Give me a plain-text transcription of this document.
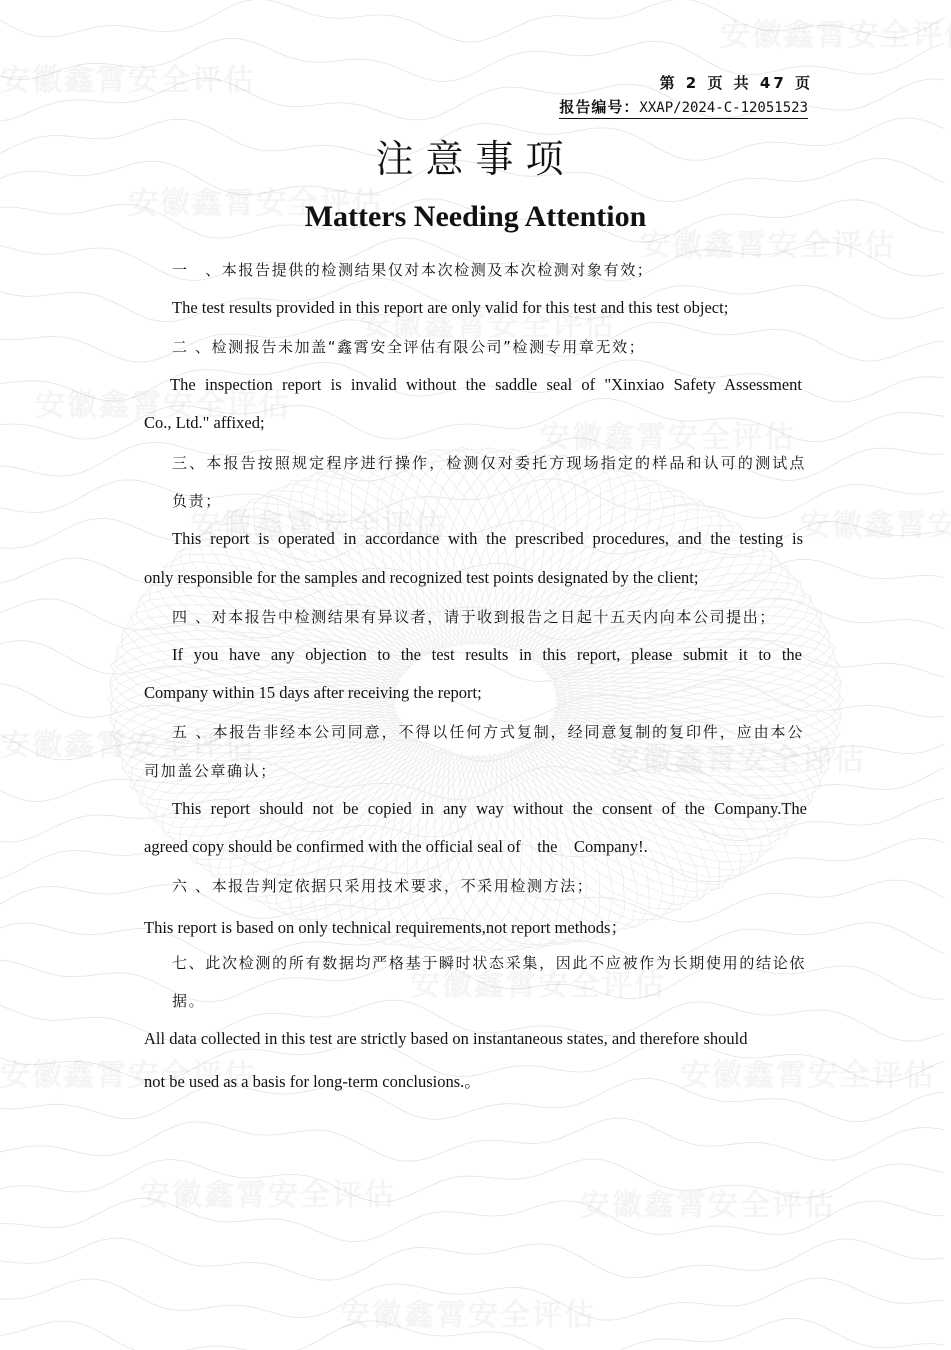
第 2 页 共 47 页
报告编号：XXAP/2024-C-12051523
注意事项
Matters Needing Attention
一　、本报告提供的检测结果仅对本次检测及本次检测对象有效；
The test results provided in this report are only valid for this test and this test object;
二 、检测报告未加盖“鑫霄安全评估有限公司”检测专用章无效；
The inspection report is invalid without the saddle seal of "Xinxiao Safety Assessment
Co., Ltd." affixed;
三、本报告按照规定程序进行操作，检测仅对委托方现场指定的样品和认可的测试点
负责；
This report is operated in accordance with the prescribed procedures, and the testing is
only responsible for the samples and recognized test points designated by the client;
四 、对本报告中检测结果有异议者，请于收到报告之日起十五天内向本公司提出；
If you have any objection to the test results in this report, please submit it to the
Company within 15 days after receiving the report;
五 、本报告非经本公司同意，不得以任何方式复制，经同意复制的复印件，应由本公
司加盖公章确认；
This report should not be copied in any way without the consent of the Company.The
agreed copy should be confirmed with the official seal of    the    Company!.
六 、本报告判定依据只采用技术要求，不采用检测方法；
This report is based on only technical requirements,not report methods；
七、此次检测的所有数据均严格基于瞬时状态采集，因此不应被作为长期使用的结论依
据。
All data collected in this test are strictly based on instantaneous states, and therefore should
not be used as a basis for long-term conclusions.。
